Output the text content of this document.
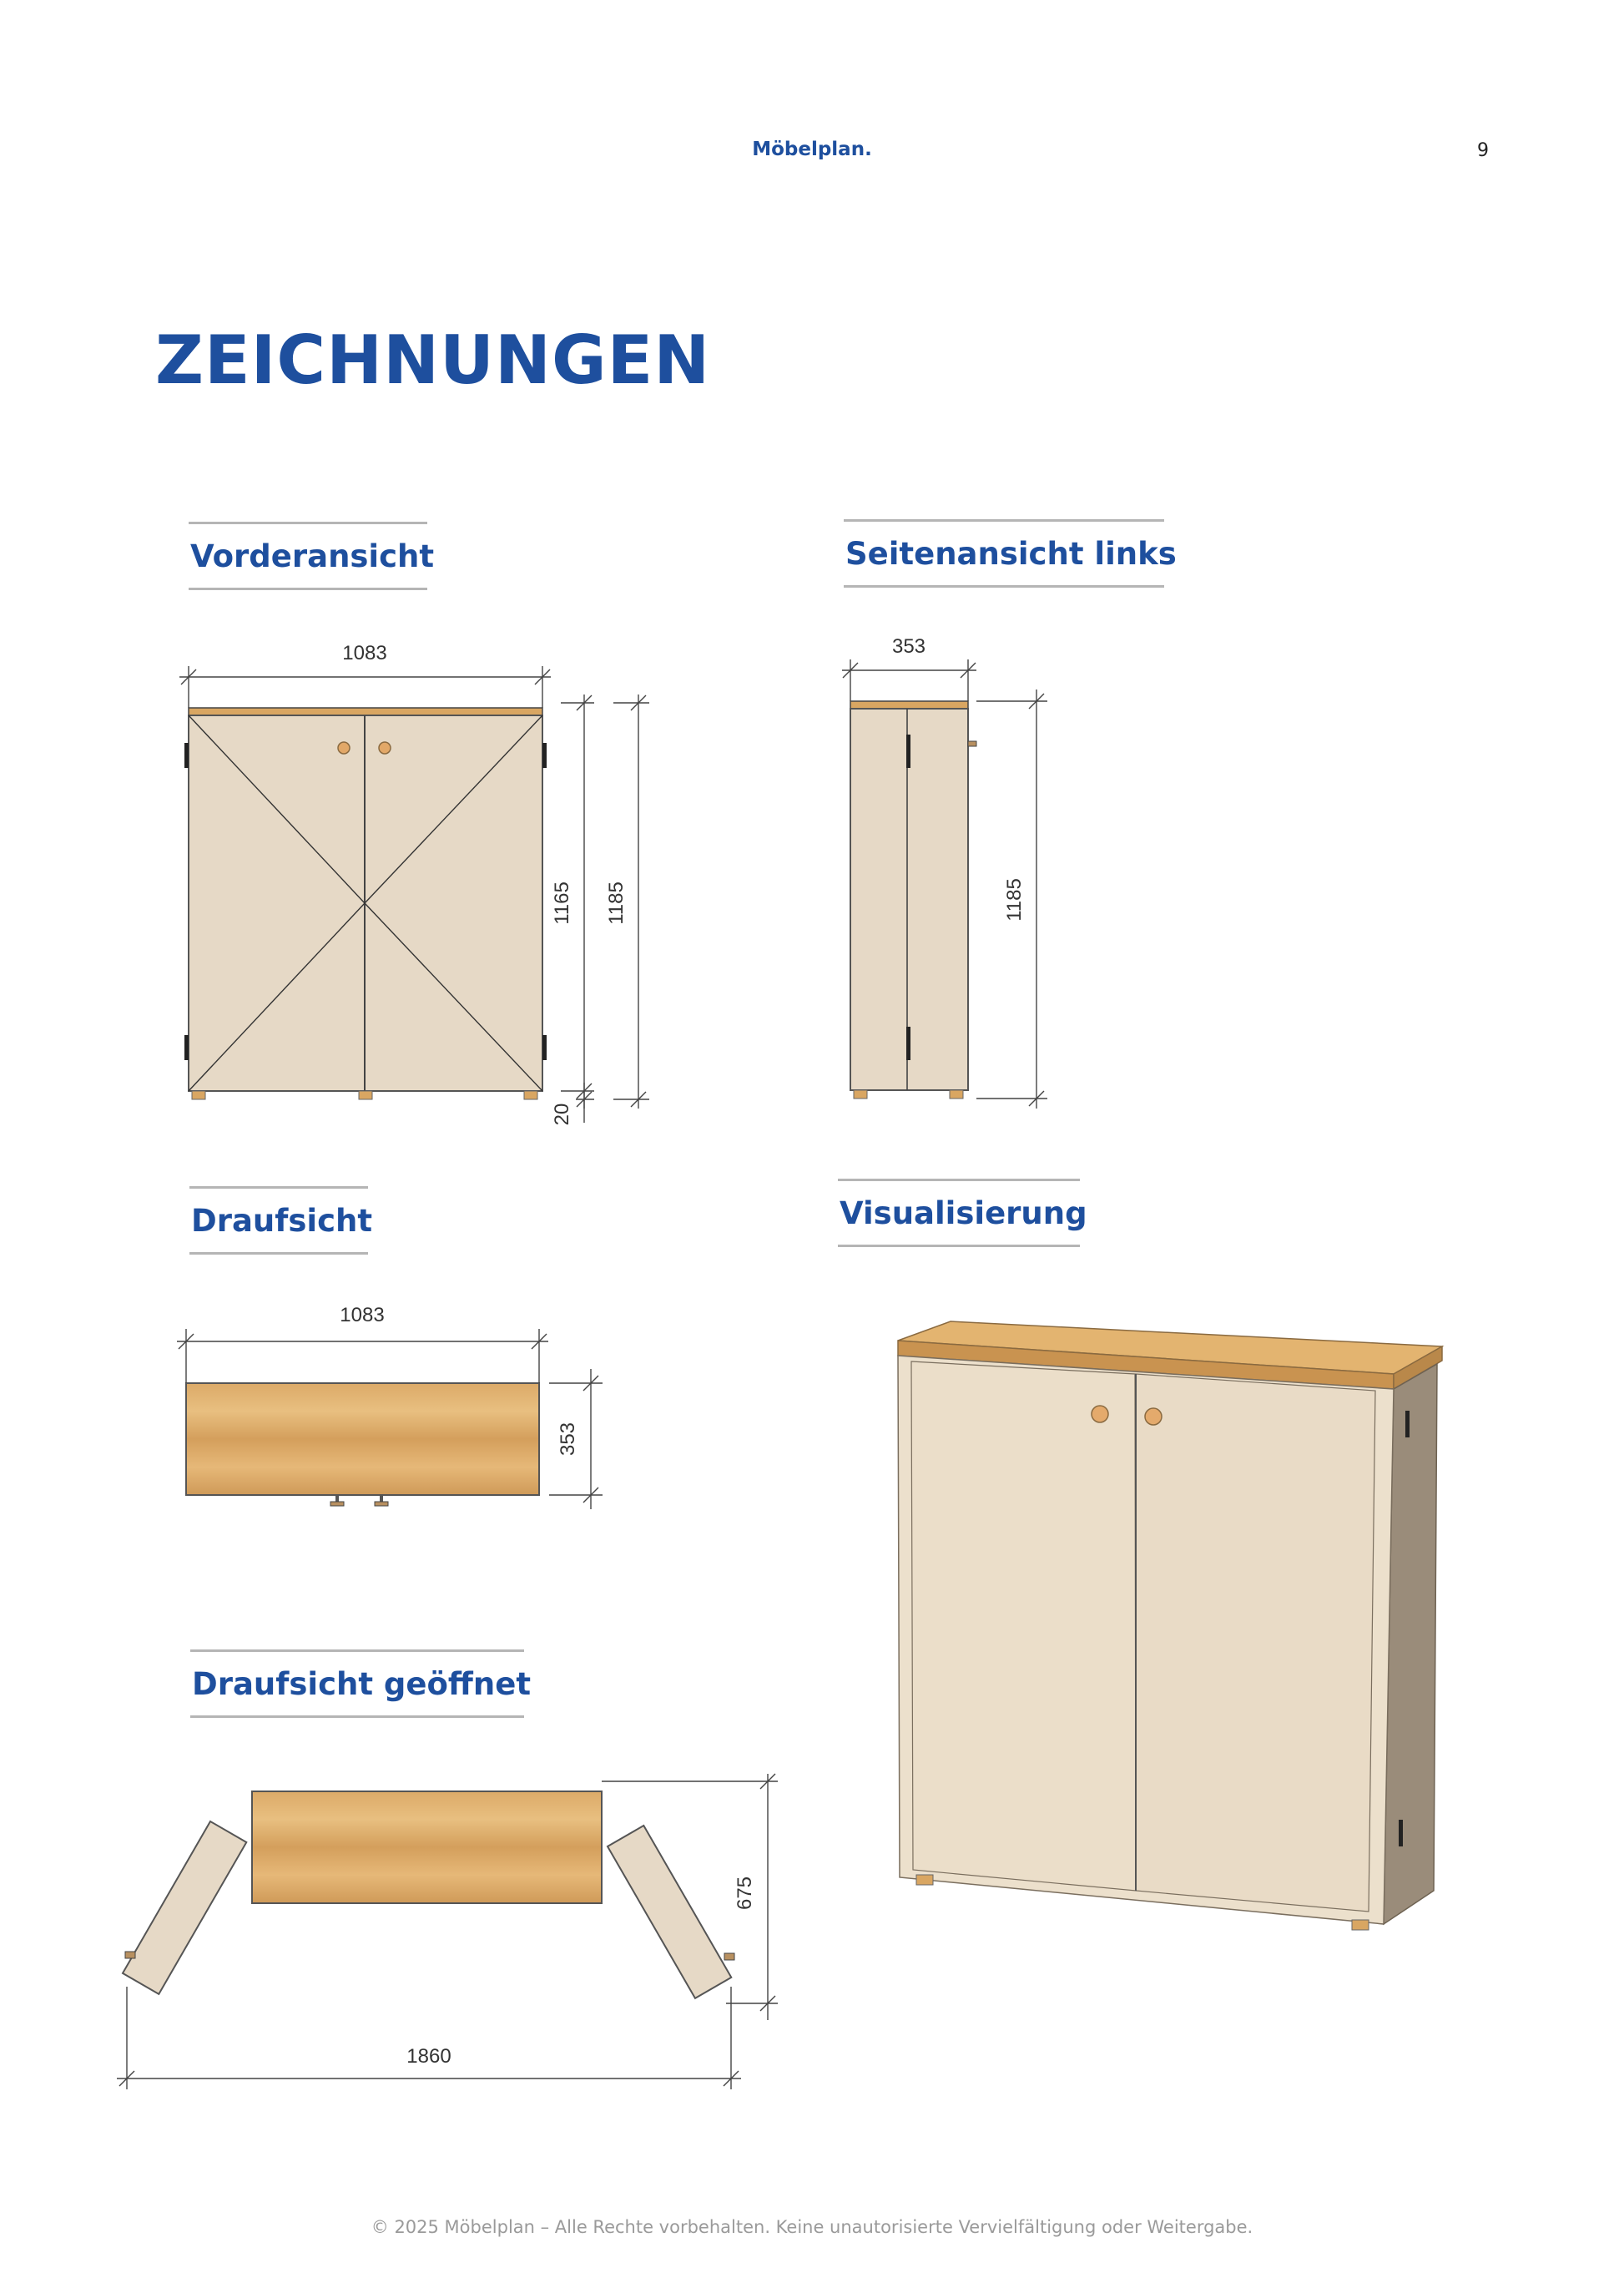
Möbelplan.	9
ZEICHNUNGEN
Vorderansicht	Seitenansicht links
Draufsicht	Visualisierung
Draufsicht geöffnet
1083
1165 1185
20
353
1185
1083
353
675
1860
© 2025 Möbelplan – Alle Rechte vorbehalten. Keine unautorisierte Vervielfältigung oder Weitergabe.
